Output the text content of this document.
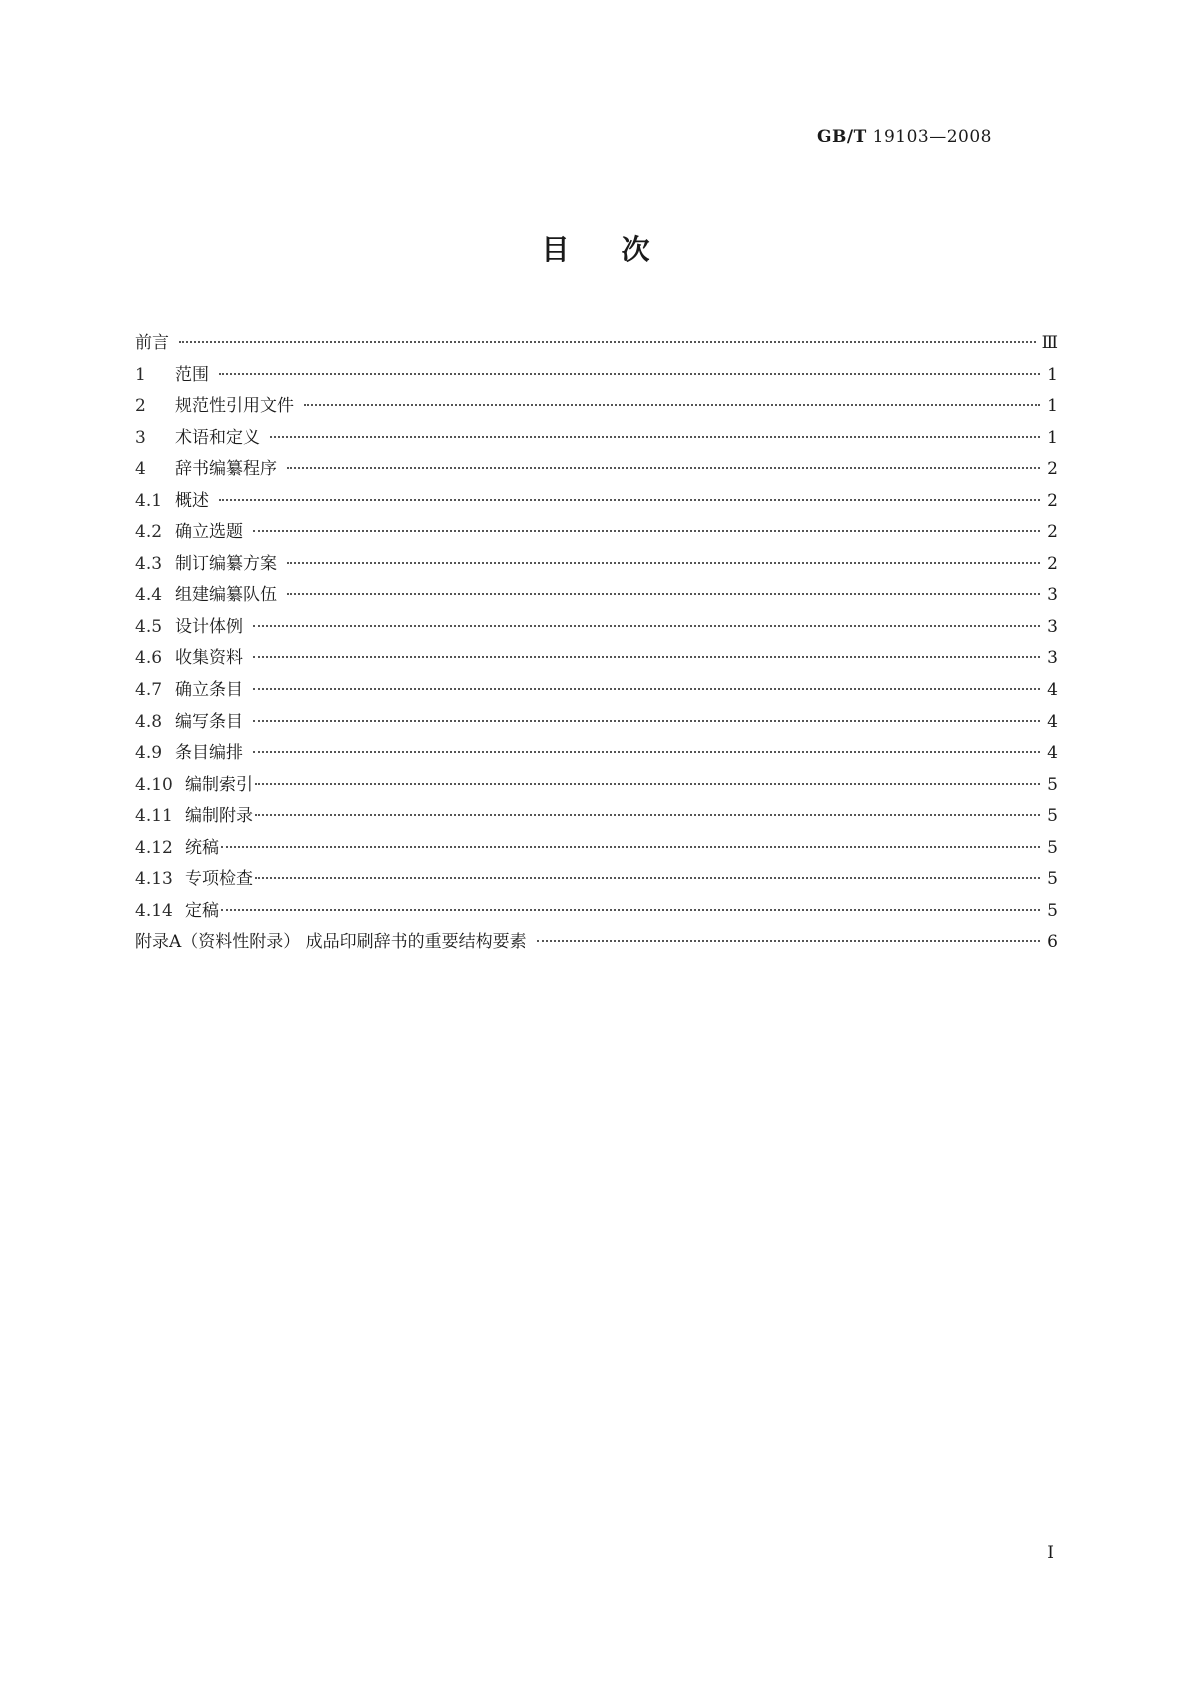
GB/T 19103—2008
目次
前言	Ⅲ
1	范围	1
2	规范性引用文件	1
3	术语和定义	1
4	辞书编纂程序	2
4.1 概述	2
4.2 确立选题	2
4.3 制订编纂方案	2
4.4 组建编纂队伍	3
4.5 设计体例	3
4.6 收集资料	3
4.7 确立条目	4
4.8 编写条目	4
4.9 条目编排	4
4.10 编制索引	5
4.11 编制附录	5
4.12 统稿	5
4.13 专项检查	5
4.14 定稿	5
附录A（资料性附录） 成品印刷辞书的重要结构要素	6
I
